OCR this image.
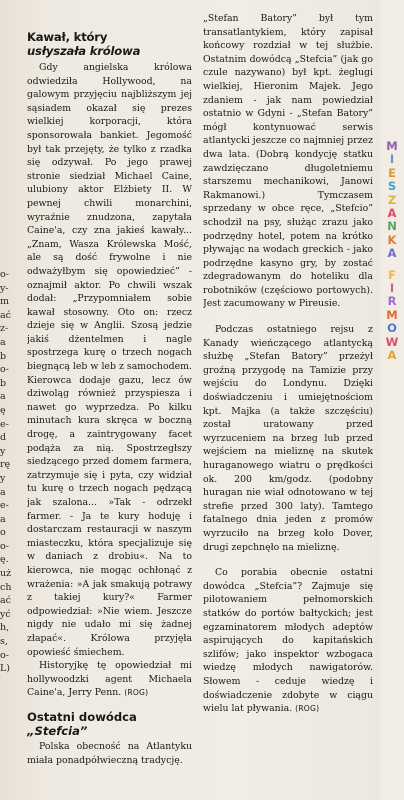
o-
y-
m
ać
z-
a
b
o-
b
a
ę
e-
d
y
rę
y
a
e-
a
o
o-
ę.
uż
ch
ać
yć
h,
s,
o-
L)
Kawał, który
usłyszała królowa

Gdy angielska królowa odwiedziła Hollywood, na galowym przyjęciu najbliższym jej sąsiadem okazał się prezes wielkiej korporacji, która sponsorowała bankiet. Jegomość był tak przejęty, że tylko z rzadka się odzywał. Po jego prawej stronie siedział Michael Caine, ulubiony aktor Elżbiety II. W pewnej chwili monarchini, wyraźnie znudzona, zapytała Caine'a, czy zna jakieś kawały... „Znam, Wasza Królewska Mość, ale są dość frywolne i nie odważyłbym się opowiedzieć” - oznajmił aktor. Po chwili wszak dodał: „Przypomniałem sobie kawał stosowny. Oto on: rzecz dzieje się w Anglii. Szosą jedzie jakiś dżentelmen i nagle spostrzega kurę o trzech nogach biegnącą leb w leb z samochodem. Kierowca dodaje gazu, lecz ów dziwoląg również przyspiesza i nawet go wyprzedza. Po kilku minutach kura skręca w boczną drogę, a zaintrygowany facet podąża za nią. Spostrzegłszy siedzącego przed domem farmera, zatrzymuje się i pyta, czy widział tu kurę o trzech nogach pędzącą jak szalona... »Tak - odrzekł farmer. - Ja te kury hoduję i dostarczam restauracji w naszym miasteczku, która specjalizuje się w daniach z drobiu«. Na to kierowca, nie mogąc ochłonąć z wrażenia: »A jak smakują potrawy z takiej kury?« Farmer odpowiedział: »Nie wiem. Jeszcze nigdy nie udało mi się żadnej złapać«. Królowa przyjęła opowieść śmiechem.

Historyjkę tę opowiedział mi hollywoodzki agent Michaela Caine'a, Jerry Penn. (ROG)

Ostatni dowódca
„Stefcia”

Polska obecność na Atlantyku miała ponadpółwieczną tradycję.

„Stefan Batory” był tym transatlantykiem, który zapisał końcowy rozdział w tej służbie. Ostatnim dowódcą „Stefcia” (jak go czule nazywano) był kpt. żeglugi wielkiej, Hieronim Majek. Jego zdaniem - jak nam powiedział ostatnio w Gdyni - „Stefan Batory” mógł kontynuować serwis atlantycki jeszcze co najmniej przez dwa lata. (Dobrą kondycję statku zawdzięczano długoletniemu starszemu mechanikowi, Janowi Rakmanowi.) Tymczasem sprzedany w obce ręce, „Stefcio” schodził na psy, służąc zrazu jako podrzędny hotel, potem na krótko pływając na wodach greckich - jako podrzędne kasyno gry, by zostać zdegradowanym do hoteliku dla robotników (częściowo portowych). Jest zacumowany w Pireusie.

Podczas ostatniego rejsu z Kanady wieńczącego atlantycką służbę „Stefan Batory” przeżył groźną przygodę na Tamizie przy wejściu do Londynu. Dzięki doświadczeniu i umiejętnościom kpt. Majka (a także szczęściu) został uratowany przed wyrzuceniem na brzeg lub przed wejściem na mieliznę na skutek huraganowego wiatru o prędkości ok. 200 km/godz. (podobny huragan nie wiał odnotowano w tej strefie przed 300 laty). Tamtego fatalnego dnia jeden z promów wyrzuciło na brzeg koło Dover, drugi zepchnęło na mieliznę.

Co porabia obecnie ostatni dowódca „Stefcia”? Zajmuje się pilotowaniem pełnomorskich statków do portów bałtyckich; jest egzaminatorem młodych adeptów aspirujących do kapitańskich szlifów; jako inspektor wzbogaca wiedzę młodych nawigatorów. Słowem - ceduje wiedzę i doświadczenie zdobyte w ciągu wielu lat pływania. (ROG)

M
I
E
S
Z
A
N
K
A
F
I
R
M
O
W
A
